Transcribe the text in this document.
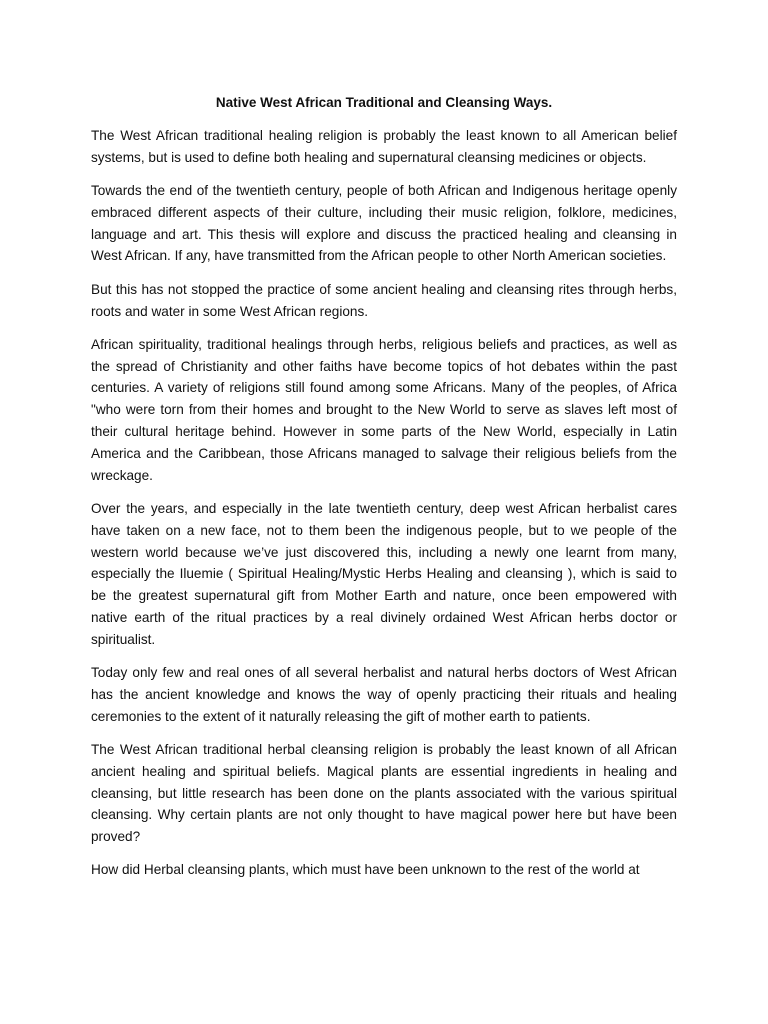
Native West African Traditional and Cleansing Ways.

The West African traditional healing religion is probably the least known to all American belief systems, but is used to define both healing and supernatural cleansing medicines or objects.

Towards the end of the twentieth century, people of both African and Indigenous heritage openly embraced different aspects of their culture, including their music religion, folklore, medicines, language and art. This thesis will explore and discuss the practiced healing and cleansing in West African. If any, have transmitted from the African people to other North American societies.

But this has not stopped the practice of some ancient healing and cleansing rites through herbs, roots and water in some West African regions.

African spirituality, traditional healings through herbs, religious beliefs and practices, as well as the spread of Christianity and other faiths have become topics of hot debates within the past centuries. A variety of religions still found among some Africans. Many of the peoples, of Africa "who were torn from their homes and brought to the New World to serve as slaves left most of their cultural heritage behind. However in some parts of the New World, especially in Latin America and the Caribbean, those Africans managed to salvage their religious beliefs from the wreckage.

Over the years, and especially in the late twentieth century, deep west African herbalist cares have taken on a new face, not to them been the indigenous people, but to we people of the western world because we’ve just discovered this, including a newly one learnt from many, especially the Iluemie ( Spiritual Healing/Mystic Herbs Healing and cleansing ), which is said to be the greatest supernatural gift from Mother Earth and nature, once been empowered with native earth of the ritual practices by a real divinely ordained West African herbs doctor or spiritualist.

Today only few and real ones of all several herbalist and natural herbs doctors of West African has the ancient knowledge and knows the way of openly practicing their rituals and healing ceremonies to the extent of it naturally releasing the gift of mother earth to patients.

The West African traditional herbal cleansing religion is probably the least known of all African ancient healing and spiritual beliefs. Magical plants are essential ingredients in healing and cleansing, but little research has been done on the plants associated with the various spiritual cleansing. Why certain plants are not only thought to have magical power here but have been proved?

How did Herbal cleansing plants, which must have been unknown to the rest of the world at
